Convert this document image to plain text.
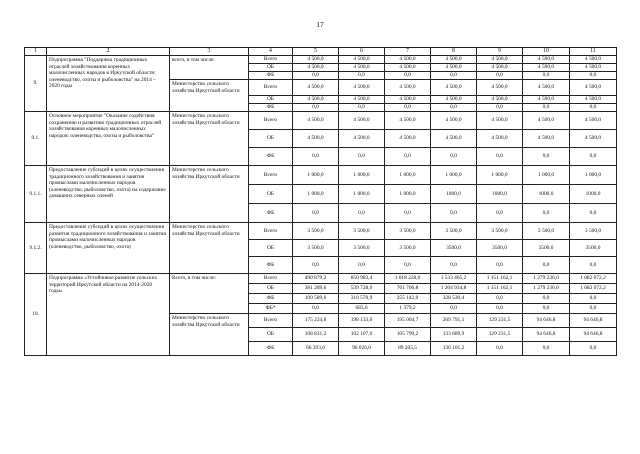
17
1	2	3	4	5	6	7	8	9	10	11
9.	Подпрограмма "Поддержка традиционных отраслей хозяйствования коренных малочисленных народов в Иркутской области: оленеводство, охоты и рыболовства" на 2014 – 2020 годы	всего, в том числе:	Всего	4 500,0	4 500,0	4 500,0	4 500,0	4 500,0	4 500,0	4 500,0
			ОБ	4 500,0	4 500,0	4 500,0	4 500,0	4 500,0	4 500,0	4 500,0
			ФБ	0,0	0,0	0,0	0,0	0,0	0,0	0,0
		Министерство сельского хозяйства Иркутской области	Всего	4 500,0	4 500,0	4 500,0	4 500,0	4 500,0	4 500,0	4 500,0
			ОБ	4 500,0	4 500,0	4 500,0	4 500,0	4 500,0	4 500,0	4 500,0
			ФБ	0,0	0,0	0,0	0,0	0,0	0,0	0,0
9.1.	Основное мероприятие "Оказание содействия сохранению и развитию традиционных отраслей хозяйствования коренных малочисленных народов: оленеводства, охоты и рыболовства"	Министерство сельского хозяйства Иркутской области	Всего	4 500,0	4 500,0	4 500,0	4 500,0	4 500,0	4 500,0	4 500,0
			ОБ	4 500,0	4 500,0	4 500,0	4 500,0	4 500,0	4 500,0	4 500,0
			ФБ	0,0	0,0	0,0	0,0	0,0	0,0	0,0
9.1.1.	Предоставление субсидий в целях осуществления традиционного хозяйствования и занятия промыслами малочисленных народов (оленеводство, рыболовство, охота) на содержание домашних северных оленей	Министерство сельского хозяйства Иркутской области	Всего	1 000,0	1 000,0	1 000,0	1 000,0	1 000,0	1 000,0	1 000,0
			ОБ	1 000,0	1 000,0	1 000,0	1000,0	1000,0	1000,0	1000,0
			ФБ	0,0	0,0	0,0	0,0	0,0	0,0	0,0
9.1.2.	Предоставление субсидий в целях осуществления развития традиционного хозяйствования и занятия промыслами малочисленных народов (оленеводство, рыболовство, охота)	Министерство сельского хозяйства Иркутской области	Всего	3 500,0	3 500,0	3 500,0	3 500,0	3 500,0	3 500,0	3 500,0
			ОБ	3 500,0	3 500,0	3 500,0	3500,0	3500,0	3500,0	3500,0
			ФБ	0,0	0,0	0,0	0,0	0,0	0,0	0,0
10.	Подпрограмма «Устойчивое развитие сельских территорий Иркутской области на 2014-2020 годы»	Всего, в том числе:	Всего	490 879,2	850 983,4	1 018 228,0	1 533 465,2	1 151 162,1	1 279 236,0	1 082 072,2
			ОБ	381 289,6	539 728,9	761 706,8	1 204 934,8	1 151 162,1	1 279 236,0	1 082 072,2
			ФБ	109 589,6	310 570,9	255 142,0	328 530,4	0,0	0,0	0,0
			ФБ*	0,0	683,6	1 379,2	0,0	0,0	0,0	0,0
		Министерство сельского хозяйства Иркутской области	Всего	175 224,8	198 133,0	195 004,7	269 791,1	129 231,5	94 646,8	94 646,8
			ОБ	108 831,2	102 107,0	105 799,2	133 689,9	129 231,5	94 646,8	94 646,8
			ФБ	66 393,6	96 026,0	89 205,5	136 101,2	0,0	0,0	0,0
